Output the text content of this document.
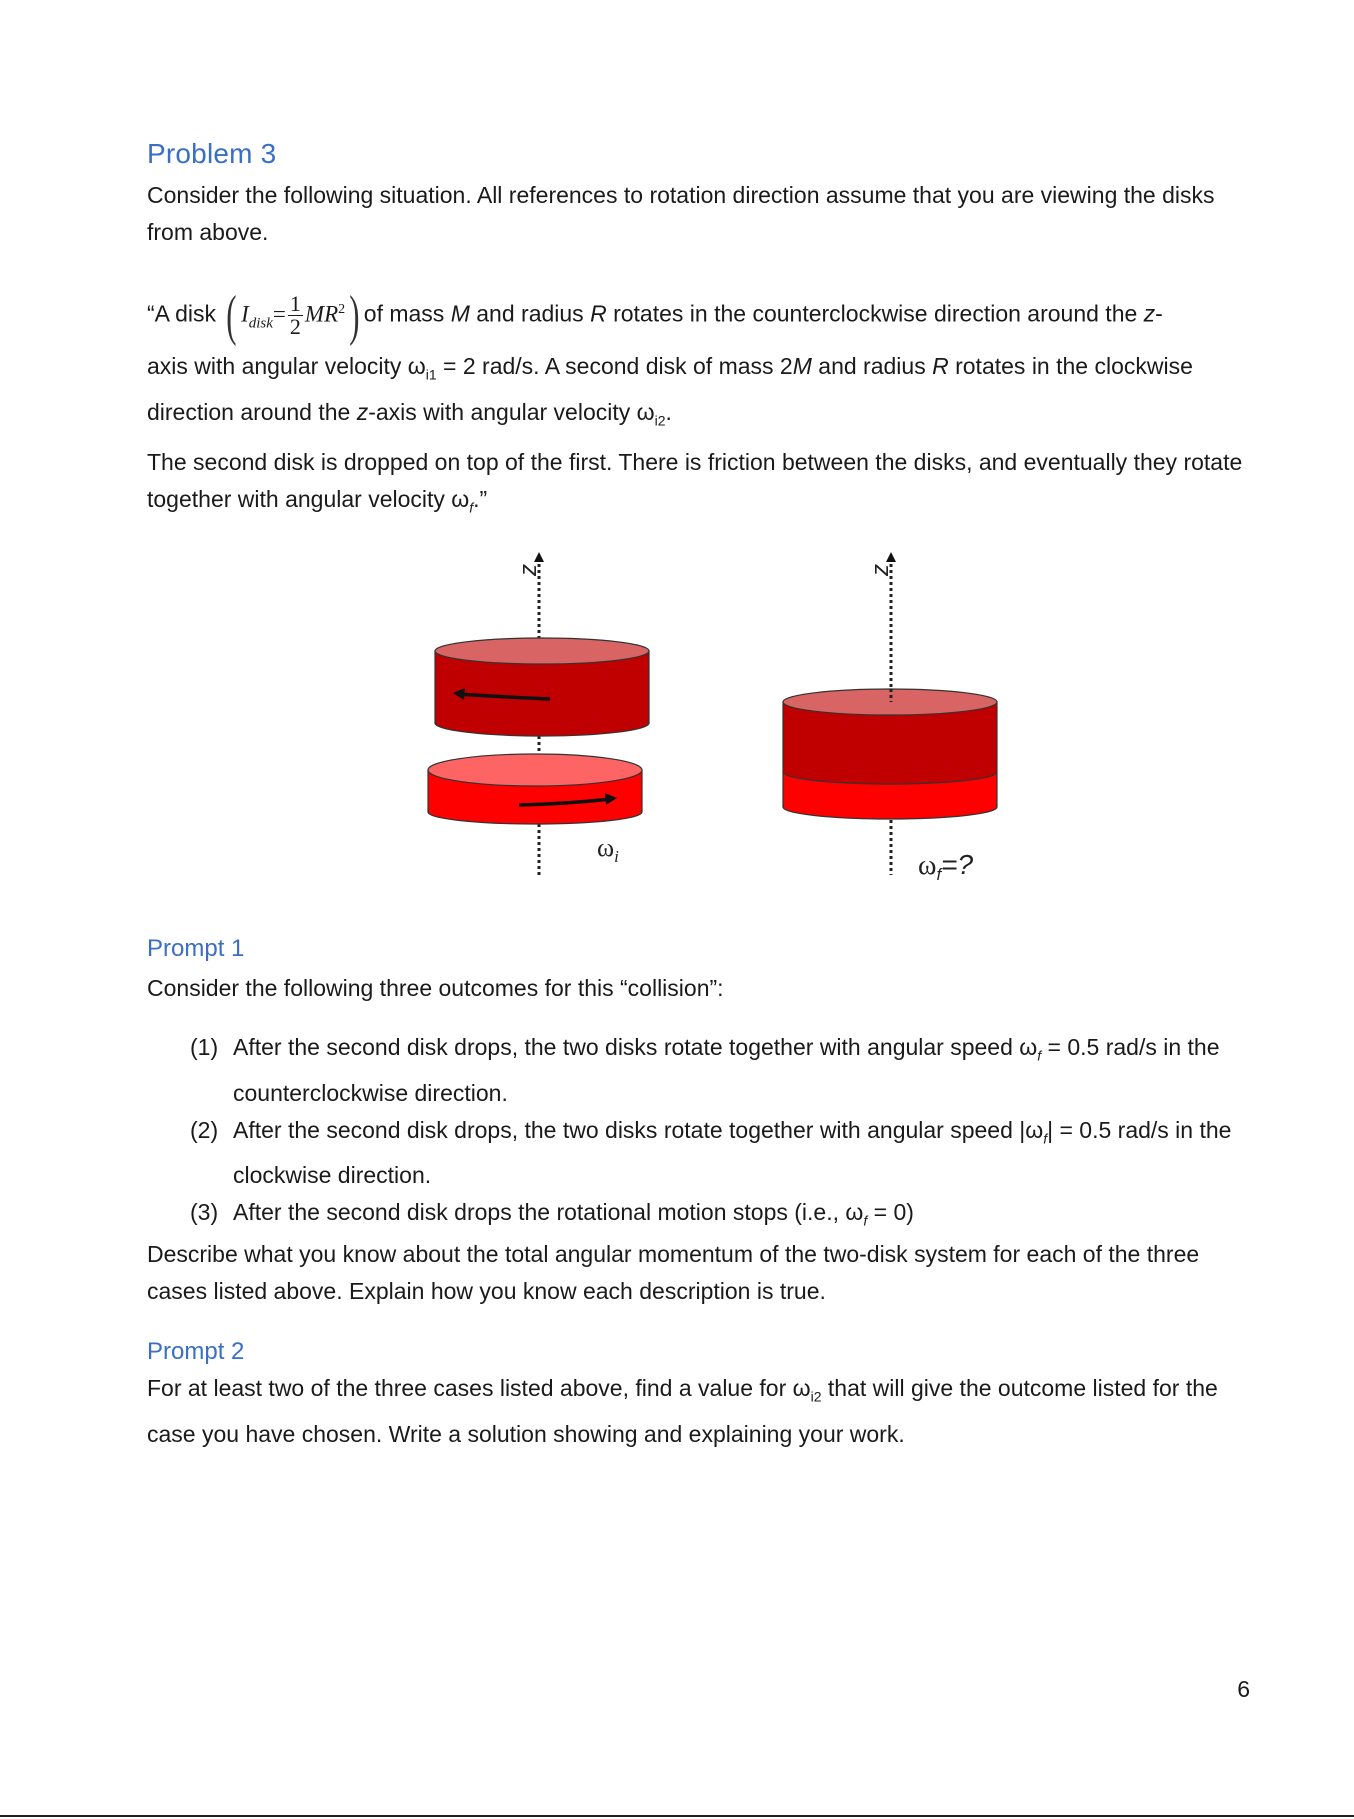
Problem 3

Consider the following situation. All references to rotation direction assume that you are viewing the disks from above.

“A disk ( $I_{disk}= \frac{1}{2} MR^2$) of mass M and radius R rotates in the counterclockwise direction around the z-

axis with angular velocity $\omega_{i1} = 2$ rad/s. A second disk of mass 2M and radius R rotates in the clockwise
direction around the z-axis with angular velocity $\omega_{i2}$.

The second disk is dropped on top of the first. There is friction between the disks, and eventually they rotate together with angular velocity $\omega_f$.”

Prompt 1

Consider the following three outcomes for this “collision”:

(1) After the second disk drops, the two disks rotate together with angular speed $\omega_f = 0.5$ rad/s in the counterclockwise direction.
(2) After the second disk drops, the two disks rotate together with angular speed $|\omega_f| = 0.5$ rad/s in the clockwise direction.
(3) After the second disk drops the rotational motion stops (i.e., $\omega_f = 0$)

Describe what you know about the total angular momentum of the two-disk system for each of the three cases listed above. Explain how you know each description is true.

Prompt 2

For at least two of the three cases listed above, find a value for $\omega_{i2}$ that will give the outcome listed for the case you have chosen. Write a solution showing and explaining your work.

z
$\omega_i$
z
$\omega_f=$?
6
